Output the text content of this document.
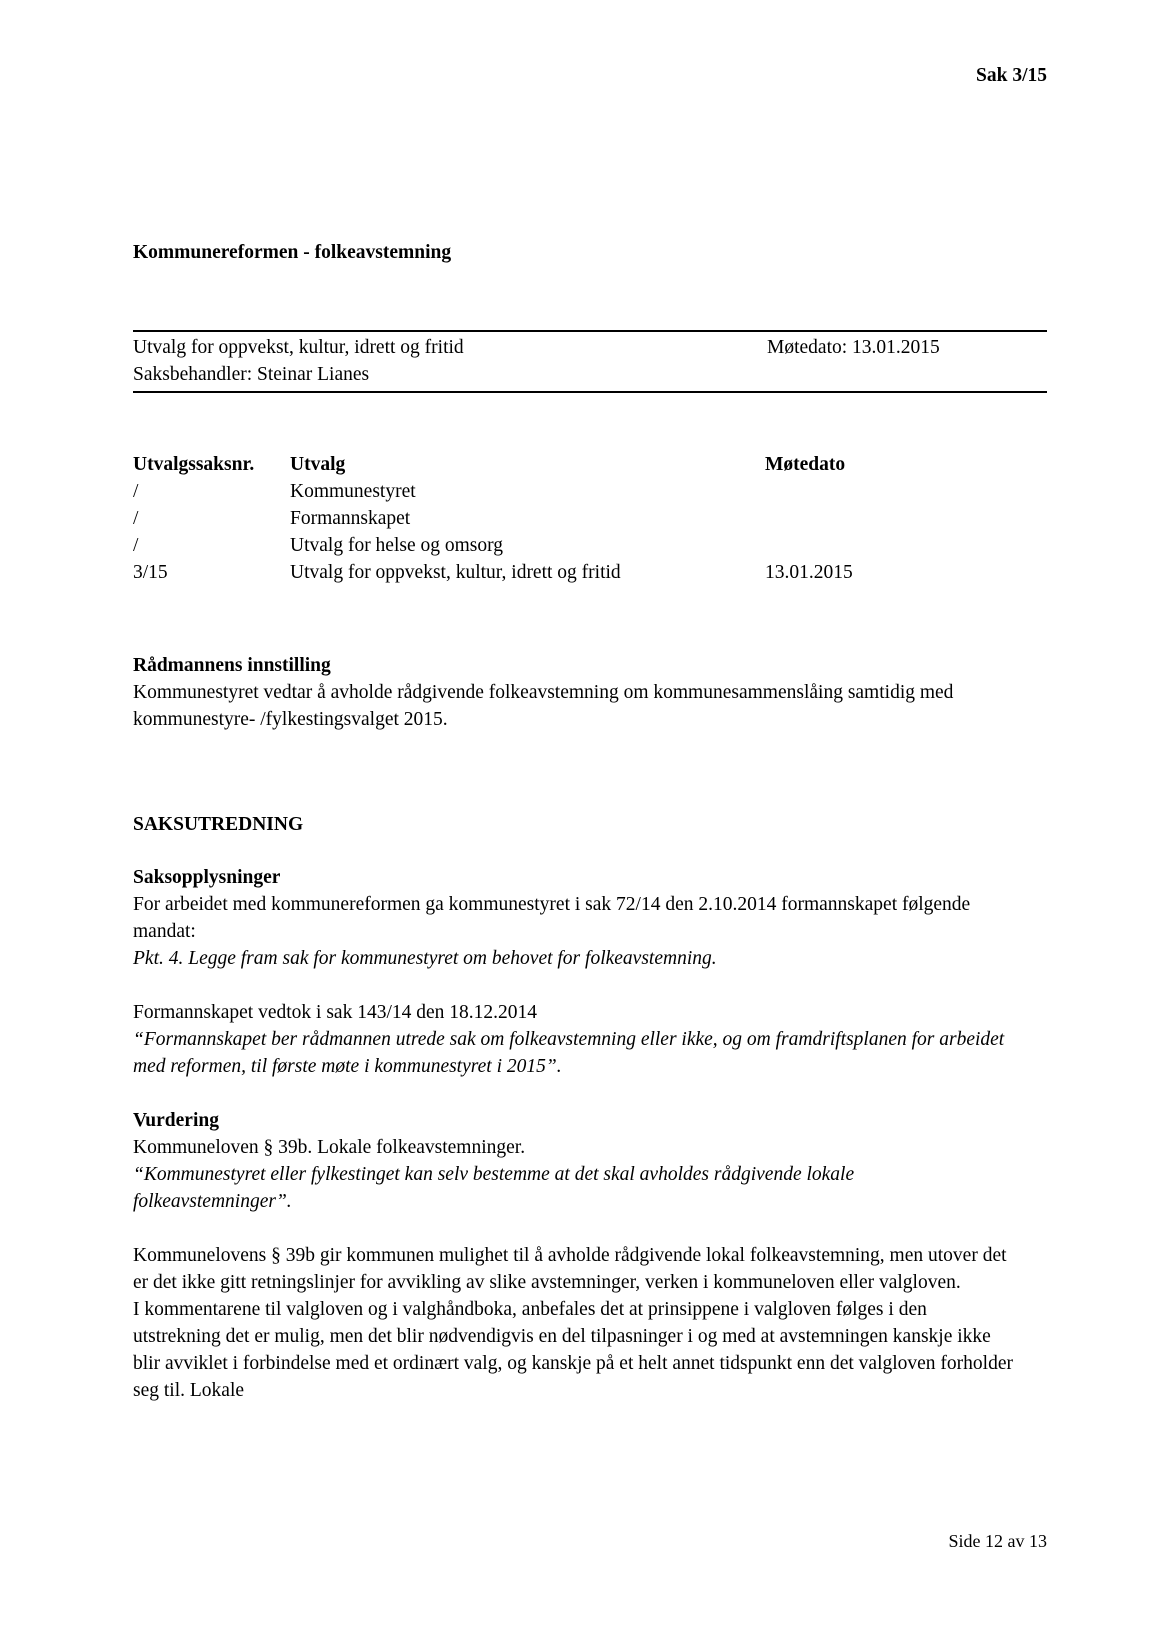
Sak 3/15
Kommunereformen - folkeavstemning
Utvalg for oppvekst, kultur, idrett og fritid	Møtedato: 13.01.2015
Saksbehandler: Steinar Lianes
Utvalgssaksnr.	Utvalg	Møtedato
/	Kommunestyret
/	Formannskapet
/	Utvalg for helse og omsorg
3/15	Utvalg for oppvekst, kultur, idrett og fritid	13.01.2015
Rådmannens innstilling
Kommunestyret vedtar å avholde rådgivende folkeavstemning om kommunesammenslåing samtidig med kommunestyre- /fylkestingsvalget 2015.
SAKSUTREDNING
Saksopplysninger
For arbeidet med kommunereformen ga kommunestyret i sak 72/14 den 2.10.2014 formannskapet følgende mandat:
Pkt. 4. Legge fram sak for kommunestyret om behovet for folkeavstemning.
Formannskapet vedtok i sak 143/14 den 18.12.2014
“Formannskapet ber rådmannen utrede sak om folkeavstemning eller ikke, og om framdriftsplanen for arbeidet med reformen, til første møte i kommunestyret i 2015”.
Vurdering
Kommuneloven § 39b. Lokale folkeavstemninger.
“Kommunestyret eller fylkestinget kan selv bestemme at det skal avholdes rådgivende lokale folkeavstemninger”.
Kommunelovens § 39b gir kommunen mulighet til å avholde rådgivende lokal folkeavstemning, men utover det er det ikke gitt retningslinjer for avvikling av slike avstemninger, verken i kommuneloven eller valgloven.
I kommentarene til valgloven og i valghåndboka, anbefales det at prinsippene i valgloven følges i den utstrekning det er mulig, men det blir nødvendigvis en del tilpasninger i og med at avstemningen kanskje ikke blir avviklet i forbindelse med et ordinært valg, og kanskje på et helt annet tidspunkt enn det valgloven forholder seg til. Lokale
Side 12 av 13
